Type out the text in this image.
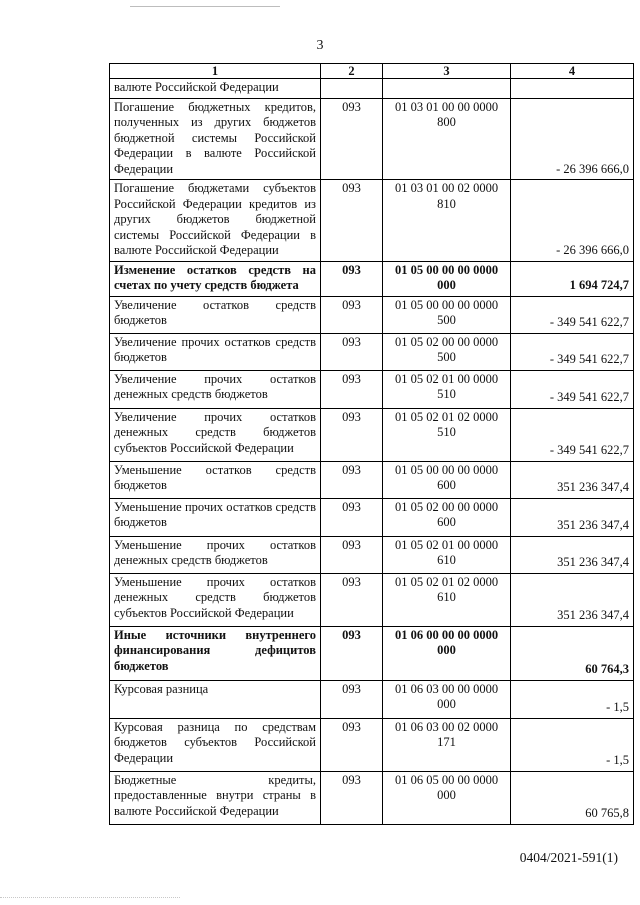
3
1	2	3	4
валюте Российской Федерации			
Погашение бюджетных кредитов, полученных из других бюджетов бюджетной системы Российской Федерации в валюте Российской Федерации	093	01 03 01 00 00 0000 800	- 26 396 666,0
Погашение бюджетами субъектов Российской Федерации кредитов из других бюджетов бюджетной системы Российской Федерации в валюте Российской Федерации	093	01 03 01 00 02 0000 810	- 26 396 666,0
Изменение остатков средств на счетах по учету средств бюджета	093	01 05 00 00 00 0000 000	1 694 724,7
Увеличение остатков средств бюджетов	093	01 05 00 00 00 0000 500	- 349 541 622,7
Увеличение прочих остатков средств бюджетов	093	01 05 02 00 00 0000 500	- 349 541 622,7
Увеличение прочих остатков денежных средств бюджетов	093	01 05 02 01 00 0000 510	- 349 541 622,7
Увеличение прочих остатков денежных средств бюджетов субъектов Российской Федерации	093	01 05 02 01 02 0000 510	- 349 541 622,7
Уменьшение остатков средств бюджетов	093	01 05 00 00 00 0000 600	351 236 347,4
Уменьшение прочих остатков средств бюджетов	093	01 05 02 00 00 0000 600	351 236 347,4
Уменьшение прочих остатков денежных средств бюджетов	093	01 05 02 01 00 0000 610	351 236 347,4
Уменьшение прочих остатков денежных средств бюджетов субъектов Российской Федерации	093	01 05 02 01 02 0000 610	351 236 347,4
Иные источники внутреннего финансирования дефицитов бюджетов	093	01 06 00 00 00 0000 000	60 764,3
Курсовая разница	093	01 06 03 00 00 0000 000	- 1,5
Курсовая разница по средствам бюджетов субъектов Российской Федерации	093	01 06 03 00 02 0000 171	- 1,5
Бюджетные кредиты, предоставленные внутри страны в валюте Российской Федерации	093	01 06 05 00 00 0000 000	60 765,8
0404/2021-591(1)
